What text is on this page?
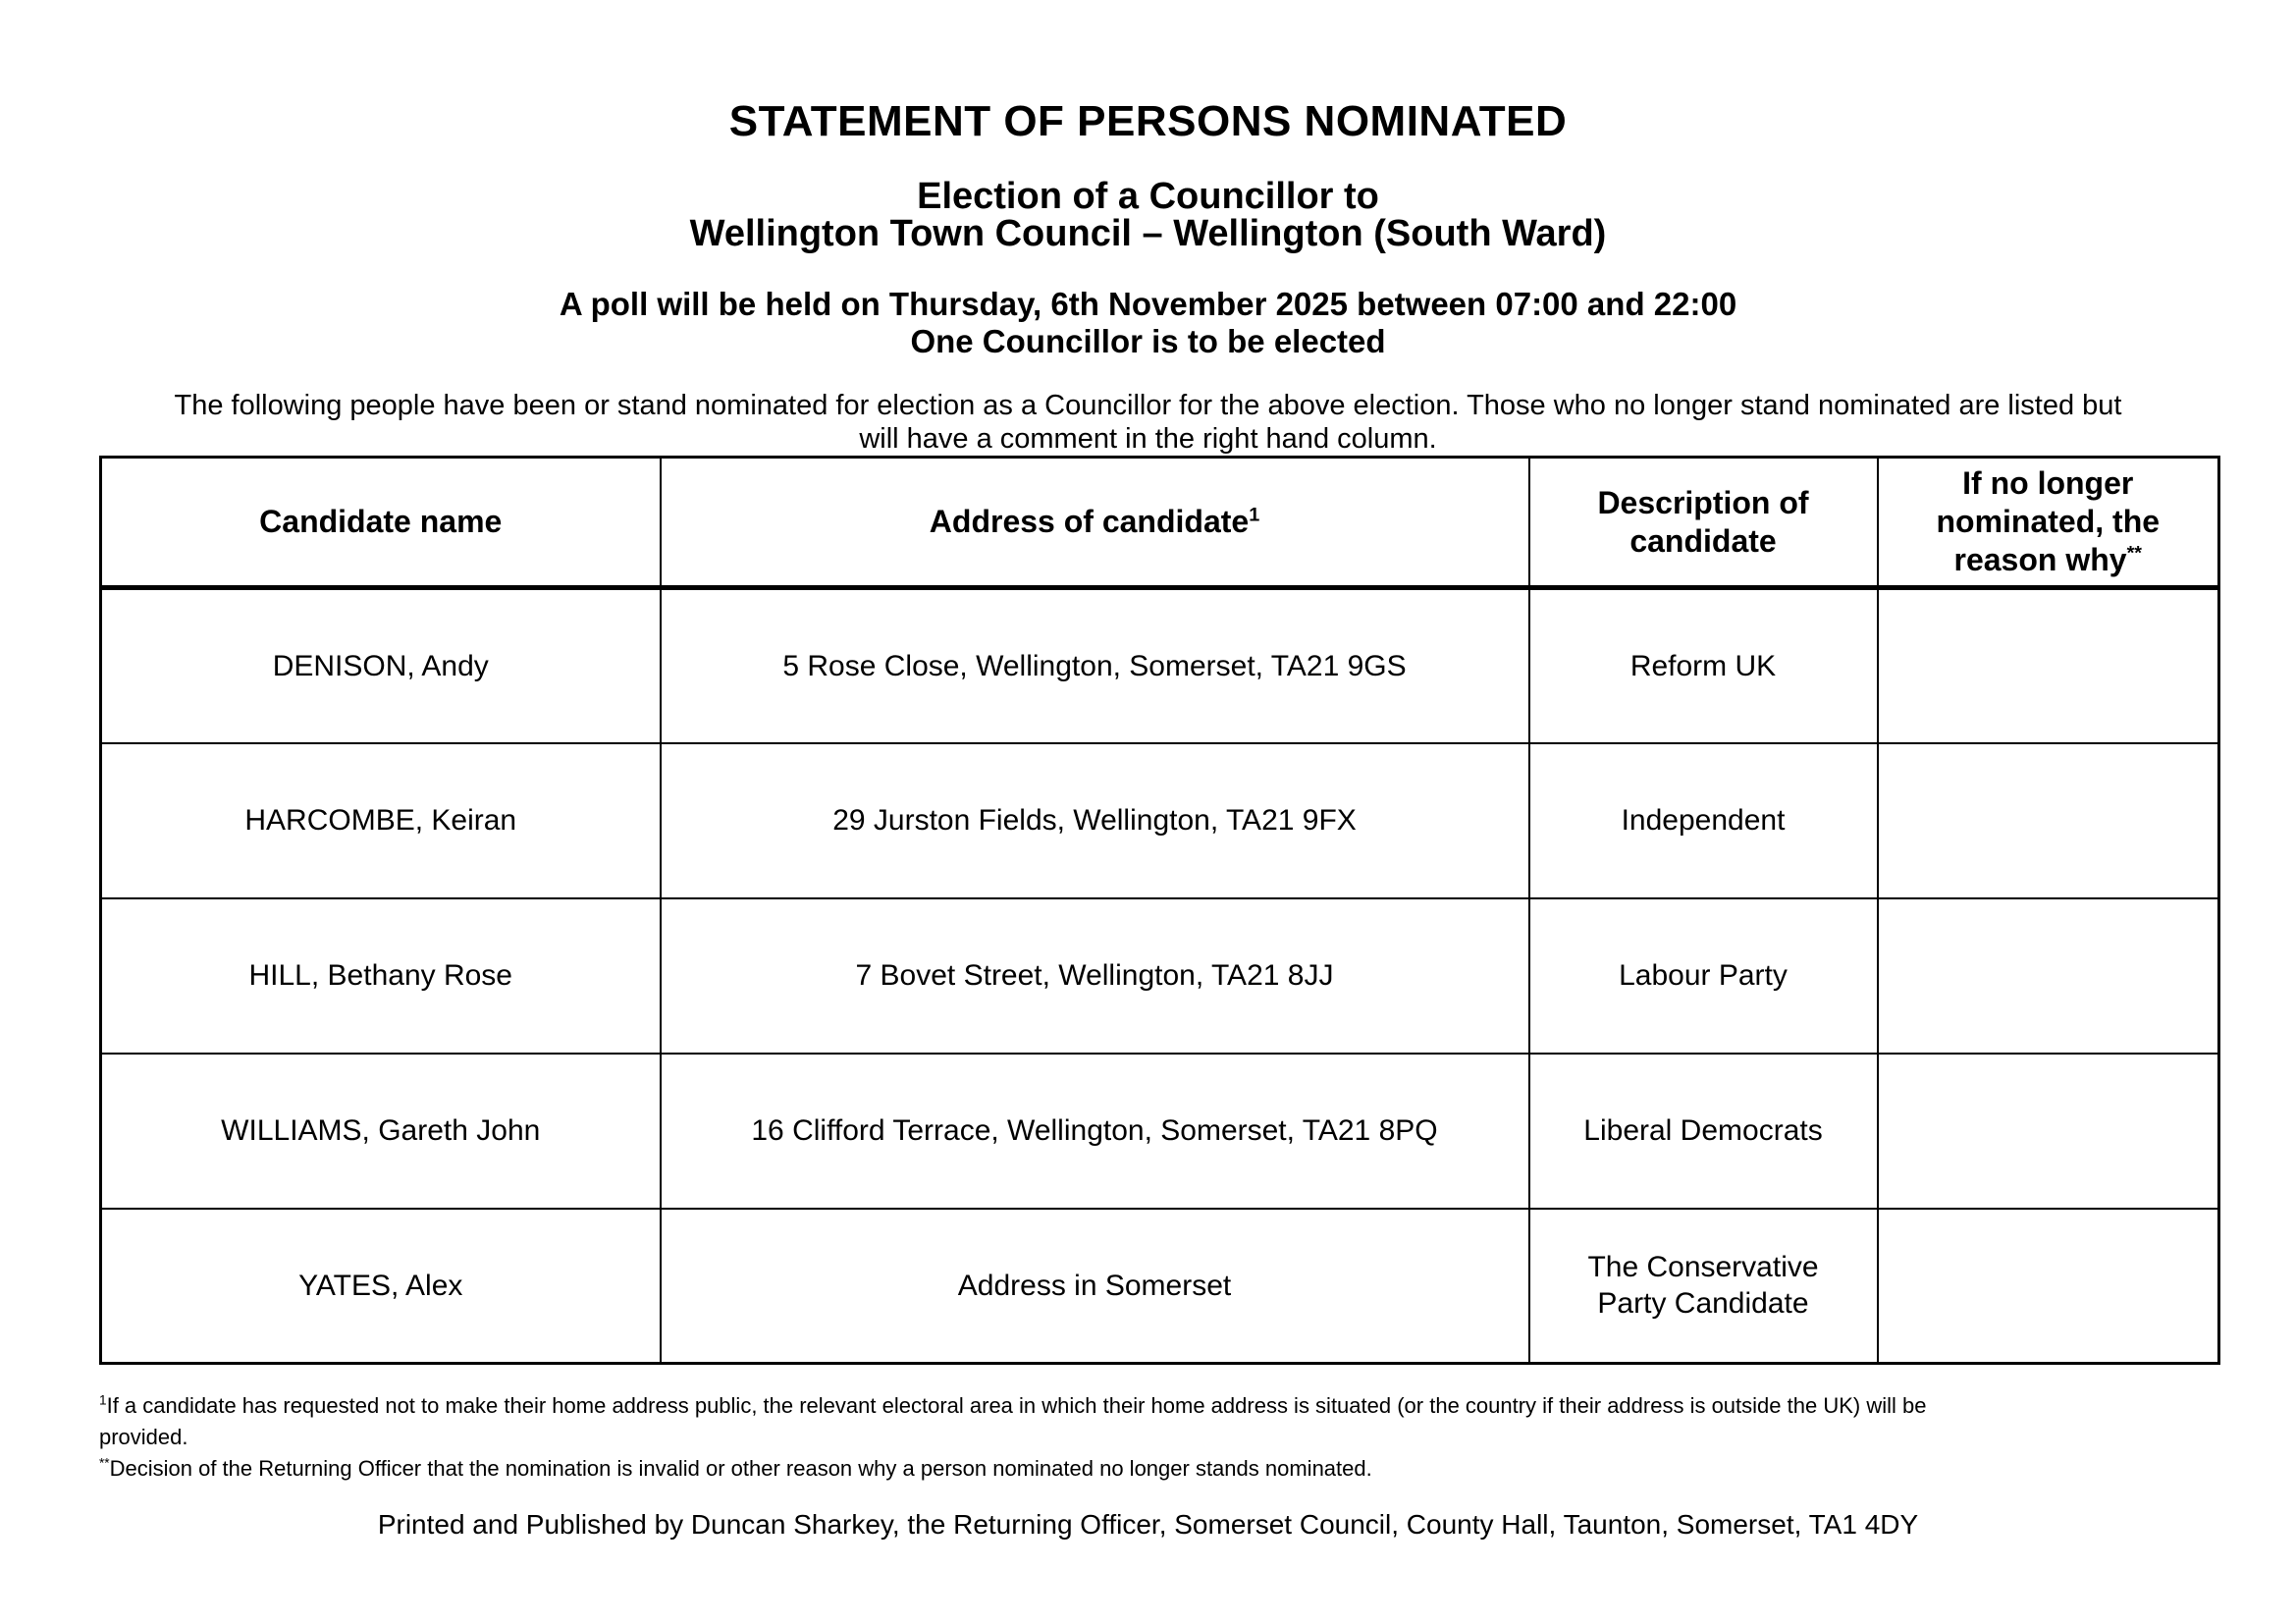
STATEMENT OF PERSONS NOMINATED
Election of a Councillor to
Wellington Town Council – Wellington (South Ward)
A poll will be held on Thursday, 6th November 2025 between 07:00 and 22:00
One Councillor is to be elected
The following people have been or stand nominated for election as a Councillor for the above election. Those who no longer stand nominated are listed but
will have a comment in the right hand column.
Candidate name	Address of candidate$^1$	Description of candidate	If no longer nominated, the reason why**

DENISON, Andy	5 Rose Close, Wellington, Somerset, TA21 9GS	Reform UK	

HARCOMBE, Keiran	29 Jurston Fields, Wellington, TA21 9FX	Independent	

HILL, Bethany Rose	7 Bovet Street, Wellington, TA21 8JJ	Labour Party	

WILLIAMS, Gareth John	16 Clifford Terrace, Wellington, Somerset, TA21 8PQ	Liberal Democrats	

YATES, Alex	Address in Somerset	The Conservative Party Candidate	

$^1$If a candidate has requested not to make their home address public, the relevant electoral area in which their home address is situated (or the country if their address is outside the UK) will be
provided.

**Decision of the Returning Officer that the nomination is invalid or other reason why a person nominated no longer stands nominated.

Printed and Published by Duncan Sharkey, the Returning Officer, Somerset Council, County Hall, Taunton, Somerset, TA1 4DY
